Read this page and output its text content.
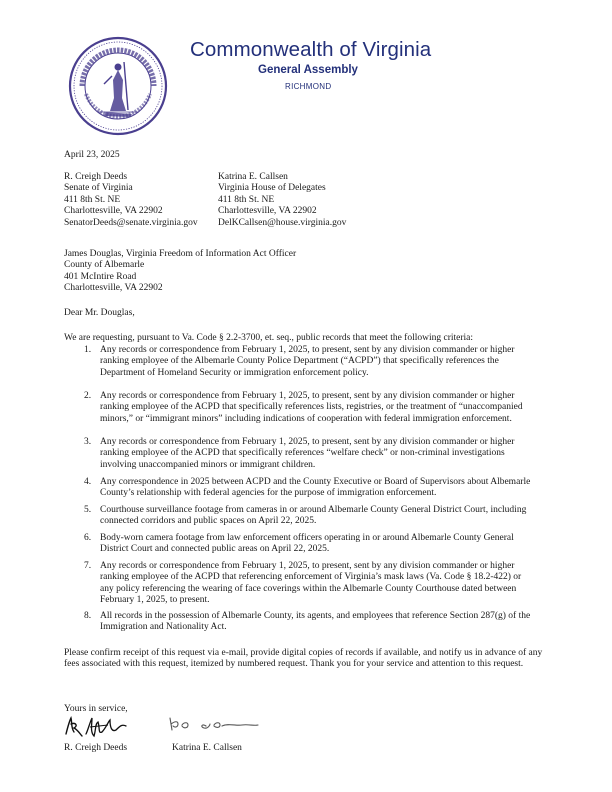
Commonwealth of Virginia
General Assembly
RICHMOND
April 23, 2025
R. Creigh Deeds
Senate of Virginia
411 8th St. NE
Charlottesville, VA 22902
SenatorDeeds@senate.virginia.gov
Katrina E. Callsen
Virginia House of Delegates
411 8th St. NE
Charlottesville, VA 22902
DelKCallsen@house.virginia.gov
James Douglas, Virginia Freedom of Information Act Officer
County of Albemarle
401 McIntire Road
Charlottesville, VA 22902
Dear Mr. Douglas,
We are requesting, pursuant to Va. Code § 2.2-3700, et. seq., public records that meet the following criteria:
1. Any records or correspondence from February 1, 2025, to present, sent by any division commander or higher ranking employee of the Albemarle County Police Department (“ACPD”) that specifically references the Department of Homeland Security or immigration enforcement policy.
2. Any records or correspondence from February 1, 2025, to present, sent by any division commander or higher ranking employee of the ACPD that specifically references lists, registries, or the treatment of “unaccompanied minors,” or “immigrant minors” including indications of cooperation with federal immigration enforcement.
3. Any records or correspondence from February 1, 2025, to present, sent by any division commander or higher ranking employee of the ACPD that specifically references “welfare check” or non-criminal investigations involving unaccompanied minors or immigrant children.
4. Any correspondence in 2025 between ACPD and the County Executive or Board of Supervisors about Albemarle County’s relationship with federal agencies for the purpose of immigration enforcement.
5. Courthouse surveillance footage from cameras in or around Albemarle County General District Court, including connected corridors and public spaces on April 22, 2025.
6. Body-worn camera footage from law enforcement officers operating in or around Albemarle County General District Court and connected public areas on April 22, 2025.
7. Any records or correspondence from February 1, 2025, to present, sent by any division commander or higher ranking employee of the ACPD that referencing enforcement of Virginia’s mask laws (Va. Code § 18.2-422) or any policy referencing the wearing of face coverings within the Albemarle County Courthouse dated between February 1, 2025, to present.
8. All records in the possession of Albemarle County, its agents, and employees that reference Section 287(g) of the Immigration and Nationality Act.
Please confirm receipt of this request via e-mail, provide digital copies of records if available, and notify us in advance of any fees associated with this request, itemized by numbered request. Thank you for your service and attention to this request.
Yours in service,
R. Creigh Deeds	Katrina E. Callsen
